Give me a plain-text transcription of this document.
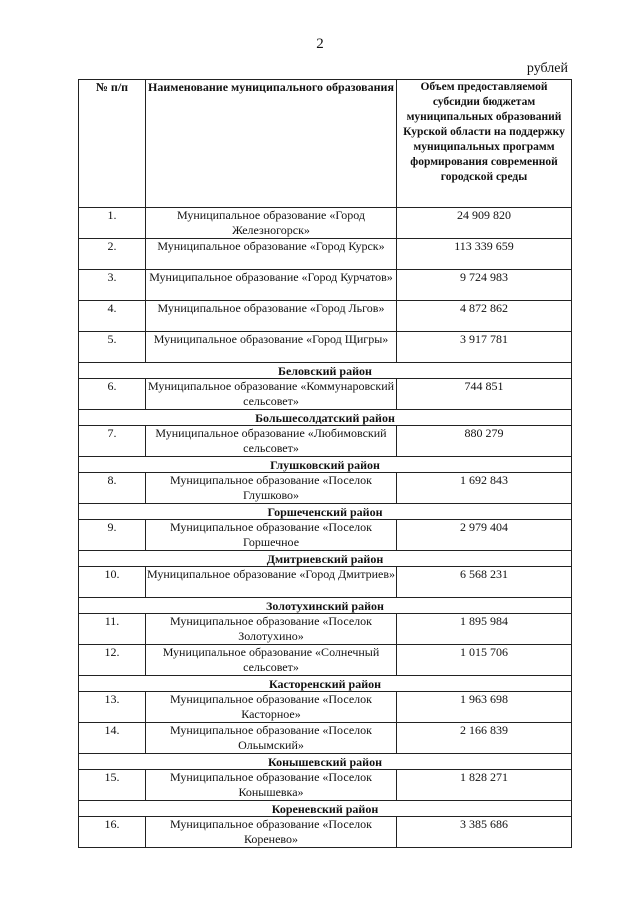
2
рублей
№ п/п	Наименование муниципального образования	Объем предоставляемой субсидии бюджетам муниципальных образований Курской области на поддержку муниципальных программ формирования современной городской среды
1.	Муниципальное образование «Город Железногорск»	24 909 820
2.	Муниципальное образование «Город Курск»	113 339 659
3.	Муниципальное образование «Город Курчатов»	9 724 983
4.	Муниципальное образование «Город Льгов»	4 872 862
5.	Муниципальное образование «Город Щигры»	3 917 781
Беловский район		
6.	Муниципальное образование «Коммунаровский сельсовет»	744 851
Большесолдатский район		
7.	Муниципальное образование «Любимовский сельсовет»	880 279
Глушковский район		
8.	Муниципальное образование «Поселок Глушково»	1 692 843
Горшеченский район		
9.	Муниципальное образование «Поселок Горшечное	2 979 404
Дмитриевский район		
10.	Муниципальное образование «Город Дмитриев»	6 568 231
Золотухинский район		
11.	Муниципальное образование «Поселок Золотухино»	1 895 984
12.	Муниципальное образование «Солнечный сельсовет»	1 015 706
Касторенский район		
13.	Муниципальное образование «Поселок Касторное»	1 963 698
14.	Муниципальное образование «Поселок Ольымский»	2 166 839
Конышевский район		
15.	Муниципальное образование «Поселок Конышевка»	1 828 271
Кореневский район		
16.	Муниципальное образование «Поселок Коренево»	3 385 686
